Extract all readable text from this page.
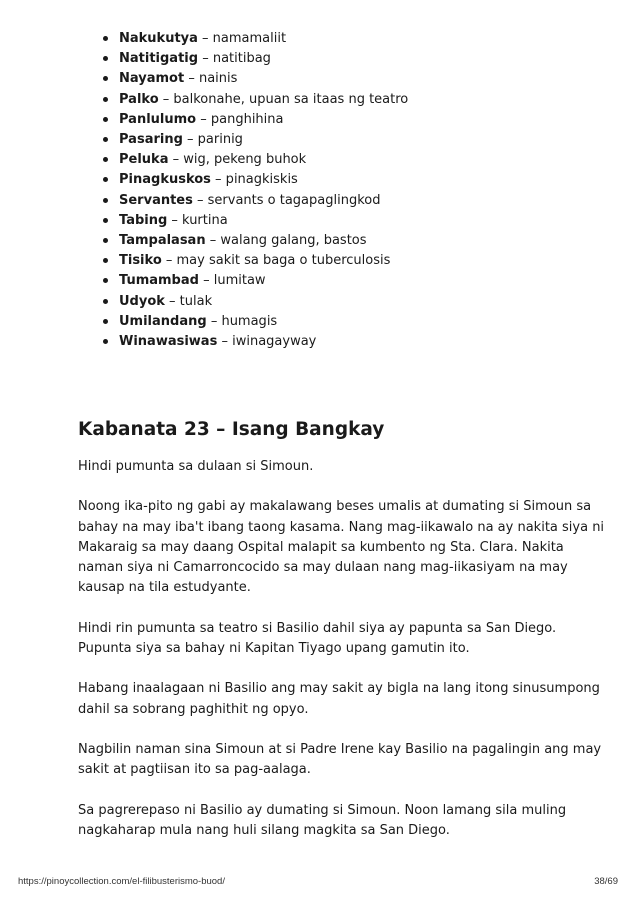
Nakukutya – namamaliit
Natitigatig – natitibag
Nayamot – nainis
Palko – balkonahe, upuan sa itaas ng teatro
Panlulumo – panghihina
Pasaring – parinig
Peluka – wig, pekeng buhok
Pinagkuskos – pinagkiskis
Servantes – servants o tagapaglingkod
Tabing – kurtina
Tampalasan – walang galang, bastos
Tisiko – may sakit sa baga o tuberculosis
Tumambad – lumitaw
Udyok – tulak
Umilandang – humagis
Winawasiwas – iwinagayway
Kabanata 23 – Isang Bangkay

Hindi pumunta sa dulaan si Simoun.

Noong ika-pito ng gabi ay makalawang beses umalis at dumating si Simoun sa
bahay na may iba't ibang taong kasama. Nang mag-iikawalo na ay nakita siya ni
Makaraig sa may daang Ospital malapit sa kumbento ng Sta. Clara. Nakita
naman siya ni Camarroncocido sa may dulaan nang mag-iikasiyam na may
kausap na tila estudyante.

Hindi rin pumunta sa teatro si Basilio dahil siya ay papunta sa San Diego.
Pupunta siya sa bahay ni Kapitan Tiyago upang gamutin ito.

Habang inaalagaan ni Basilio ang may sakit ay bigla na lang itong sinusumpong
dahil sa sobrang paghithit ng opyo.

Nagbilin naman sina Simoun at si Padre Irene kay Basilio na pagalingin ang may
sakit at pagtiisan ito sa pag-aalaga.

Sa pagrerepaso ni Basilio ay dumating si Simoun. Noon lamang sila muling
nagkaharap mula nang huli silang magkita sa San Diego.

https://pinoycollection.com/el-filibusterismo-buod/	38/69
